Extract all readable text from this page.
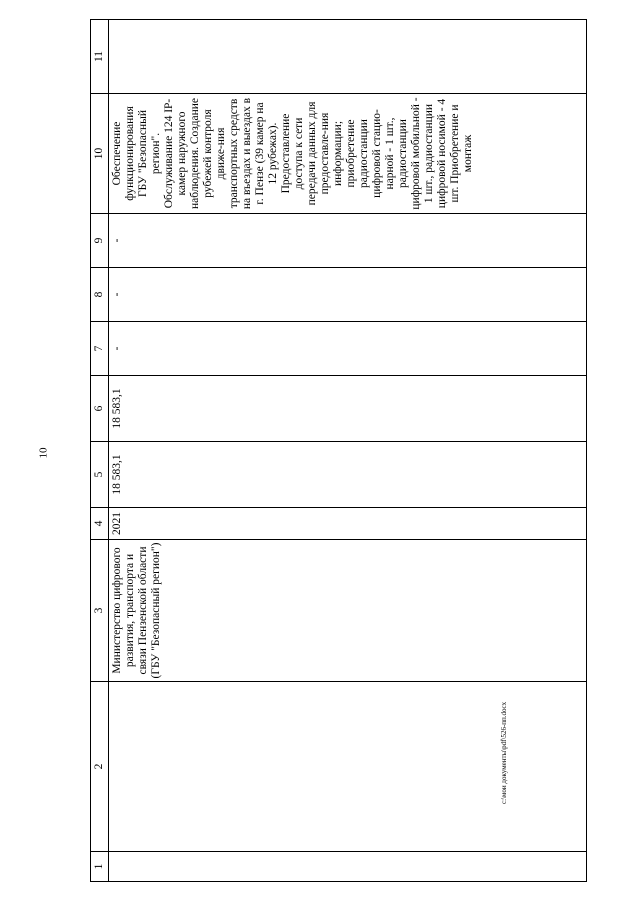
10
c:\мои документы\pdf\526-пп.docx
1	2	3	4	5	6	7	8	9	10	11

		Министерство цифрового развития, транспорта и связи Пензенской области (ГБУ "Безопасный регион")	2021	18 583,1	18 583,1	-	-	-	Обеспечение функционирования ГБУ "Безопасный регион". Обслуживание 124 IP-камер наружного наблюдения. Создание рубежей контроля движе-ния транспортных средств на въездах и выездах в г. Пензе (39 камер на 12 рубежах). Предоставление доступа к сети передачи данных для предоставле-ния информации; приобретение радиостанции цифровой стацио-нарной - 1 шт., радиостанции цифровой мобильной - 1 шт., радиостанции цифровой носимой - 4 шт. Приобретение и монтаж	
